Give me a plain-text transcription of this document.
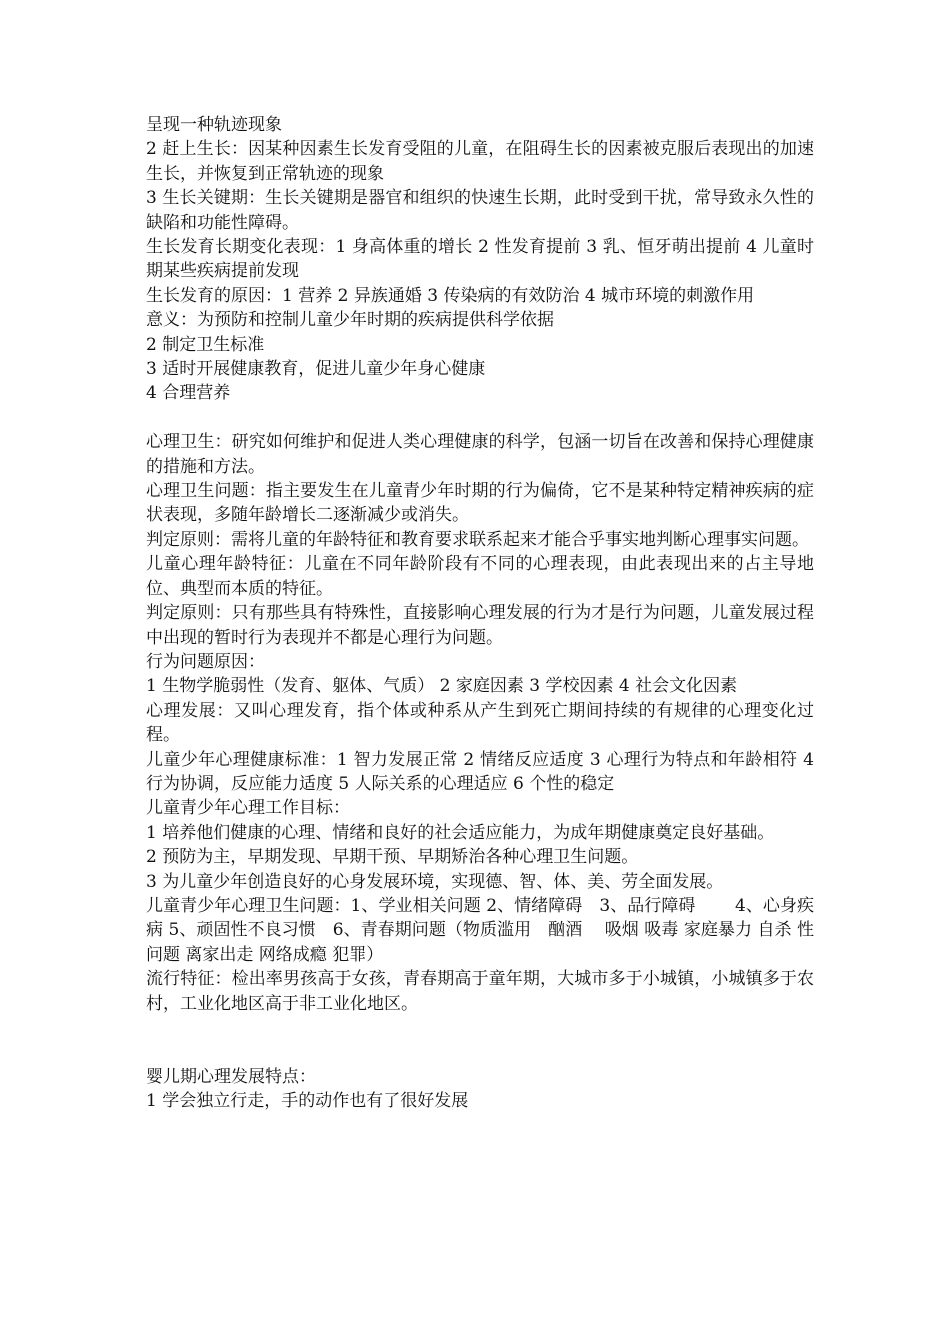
呈现一种轨迹现象

2 赶上生长：因某种因素生长发育受阻的儿童，在阻碍生长的因素被克服后表现出的加速生长，并恢复到正常轨迹的现象

3 生长关键期：生长关键期是器官和组织的快速生长期，此时受到干扰，常导致永久性的缺陷和功能性障碍。

生长发育长期变化表现：1 身高体重的增长 2 性发育提前 3 乳、恒牙萌出提前 4 儿童时期某些疾病提前发现

生长发育的原因：1 营养 2 异族通婚 3 传染病的有效防治 4 城市环境的刺激作用

意义：为预防和控制儿童少年时期的疾病提供科学依据

2 制定卫生标准

3 适时开展健康教育，促进儿童少年身心健康

4 合理营养

心理卫生：研究如何维护和促进人类心理健康的科学，包涵一切旨在改善和保持心理健康的措施和方法。

心理卫生问题：指主要发生在儿童青少年时期的行为偏倚，它不是某种特定精神疾病的症状表现，多随年龄增长二逐渐减少或消失。

判定原则：需将儿童的年龄特征和教育要求联系起来才能合乎事实地判断心理事实问题。

儿童心理年龄特征：儿童在不同年龄阶段有不同的心理表现，由此表现出来的占主导地位、典型而本质的特征。

判定原则：只有那些具有特殊性，直接影响心理发展的行为才是行为问题，儿童发展过程中出现的暂时行为表现并不都是心理行为问题。

行为问题原因：

1 生物学脆弱性（发育、躯体、气质） 2 家庭因素 3 学校因素 4 社会文化因素

心理发展：又叫心理发育，指个体或种系从产生到死亡期间持续的有规律的心理变化过程。

儿童少年心理健康标准：1 智力发展正常 2 情绪反应适度 3 心理行为特点和年龄相符 4 行为协调，反应能力适度 5 人际关系的心理适应 6 个性的稳定

儿童青少年心理工作目标：

1 培养他们健康的心理、情绪和良好的社会适应能力，为成年期健康奠定良好基础。

2 预防为主，早期发现、早期干预、早期矫治各种心理卫生问题。

3 为儿童少年创造良好的心身发展环境，实现德、智、体、美、劳全面发展。

儿童青少年心理卫生问题：1、学业相关问题 2、情绪障碍　3、品行障碍　　 4、心身疾病 5、顽固性不良习惯　6、青春期问题（物质滥用　酗酒　 吸烟 吸毒 家庭暴力 自杀 性问题 离家出走 网络成瘾 犯罪）

流行特征：检出率男孩高于女孩，青春期高于童年期，大城市多于小城镇，小城镇多于农村，工业化地区高于非工业化地区。

婴儿期心理发展特点：

1 学会独立行走，手的动作也有了很好发展
